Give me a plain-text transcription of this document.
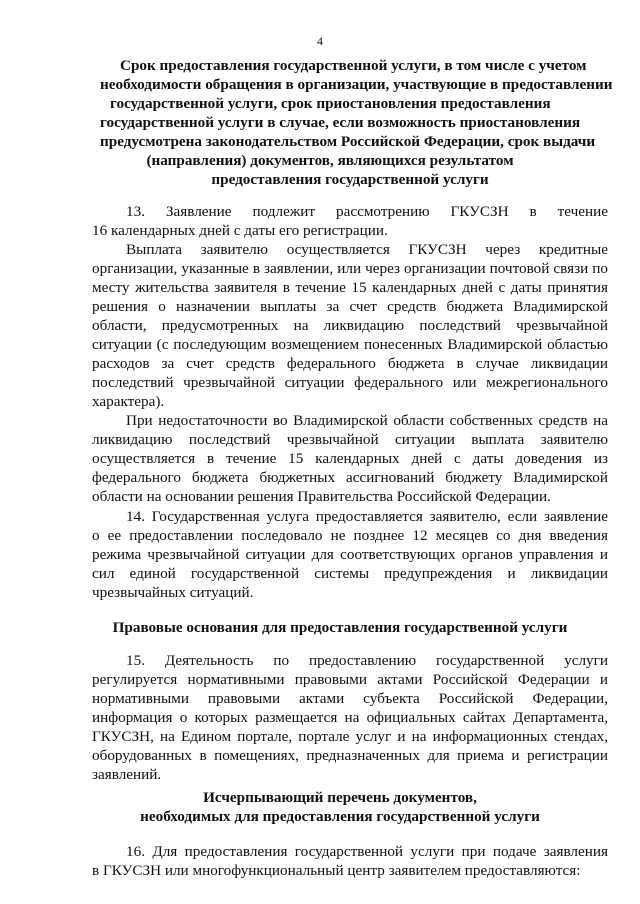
4
Срок предоставления государственной услуги, в том числе с учетом
необходимости обращения в организации, участвующие в предоставлении
государственной услуги, срок приостановления предоставления
государственной услуги в случае, если возможность приостановления
предусмотрена законодательством Российской Федерации, срок выдачи
(направления) документов, являющихся результатом
предоставления государственной услуги
13. Заявление подлежит рассмотрению ГКУСЗН в течение
16 календарных дней с даты его регистрации.
Выплата заявителю осуществляется ГКУСЗН через кредитные
организации, указанные в заявлении, или через организации почтовой связи по
месту жительства заявителя в течение 15 календарных дней с даты принятия
решения о назначении выплаты за счет средств бюджета Владимирской
области, предусмотренных на ликвидацию последствий чрезвычайной
ситуации (с последующим возмещением понесенных Владимирской областью
расходов за счет средств федерального бюджета в случае ликвидации
последствий чрезвычайной ситуации федерального или межрегионального
характера).
При недостаточности во Владимирской области собственных средств на
ликвидацию последствий чрезвычайной ситуации выплата заявителю
осуществляется в течение 15 календарных дней с даты доведения из
федерального бюджета бюджетных ассигнований бюджету Владимирской
области на основании решения Правительства Российской Федерации.
14. Государственная услуга предоставляется заявителю, если заявление
о ее предоставлении последовало не позднее 12 месяцев со дня введения
режима чрезвычайной ситуации для соответствующих органов управления и
сил единой государственной системы предупреждения и ликвидации
чрезвычайных ситуаций.
Правовые основания для предоставления государственной услуги
15. Деятельность по предоставлению государственной услуги
регулируется нормативными правовыми актами Российской Федерации и
нормативными правовыми актами субъекта Российской Федерации,
информация о которых размещается на официальных сайтах Департамента,
ГКУСЗН, на Едином портале, портале услуг и на информационных стендах,
оборудованных в помещениях, предназначенных для приема и регистрации
заявлений.
Исчерпывающий перечень документов,
необходимых для предоставления государственной услуги
16. Для предоставления государственной услуги при подаче заявления
в ГКУСЗН или многофункциональный центр заявителем предоставляются:
